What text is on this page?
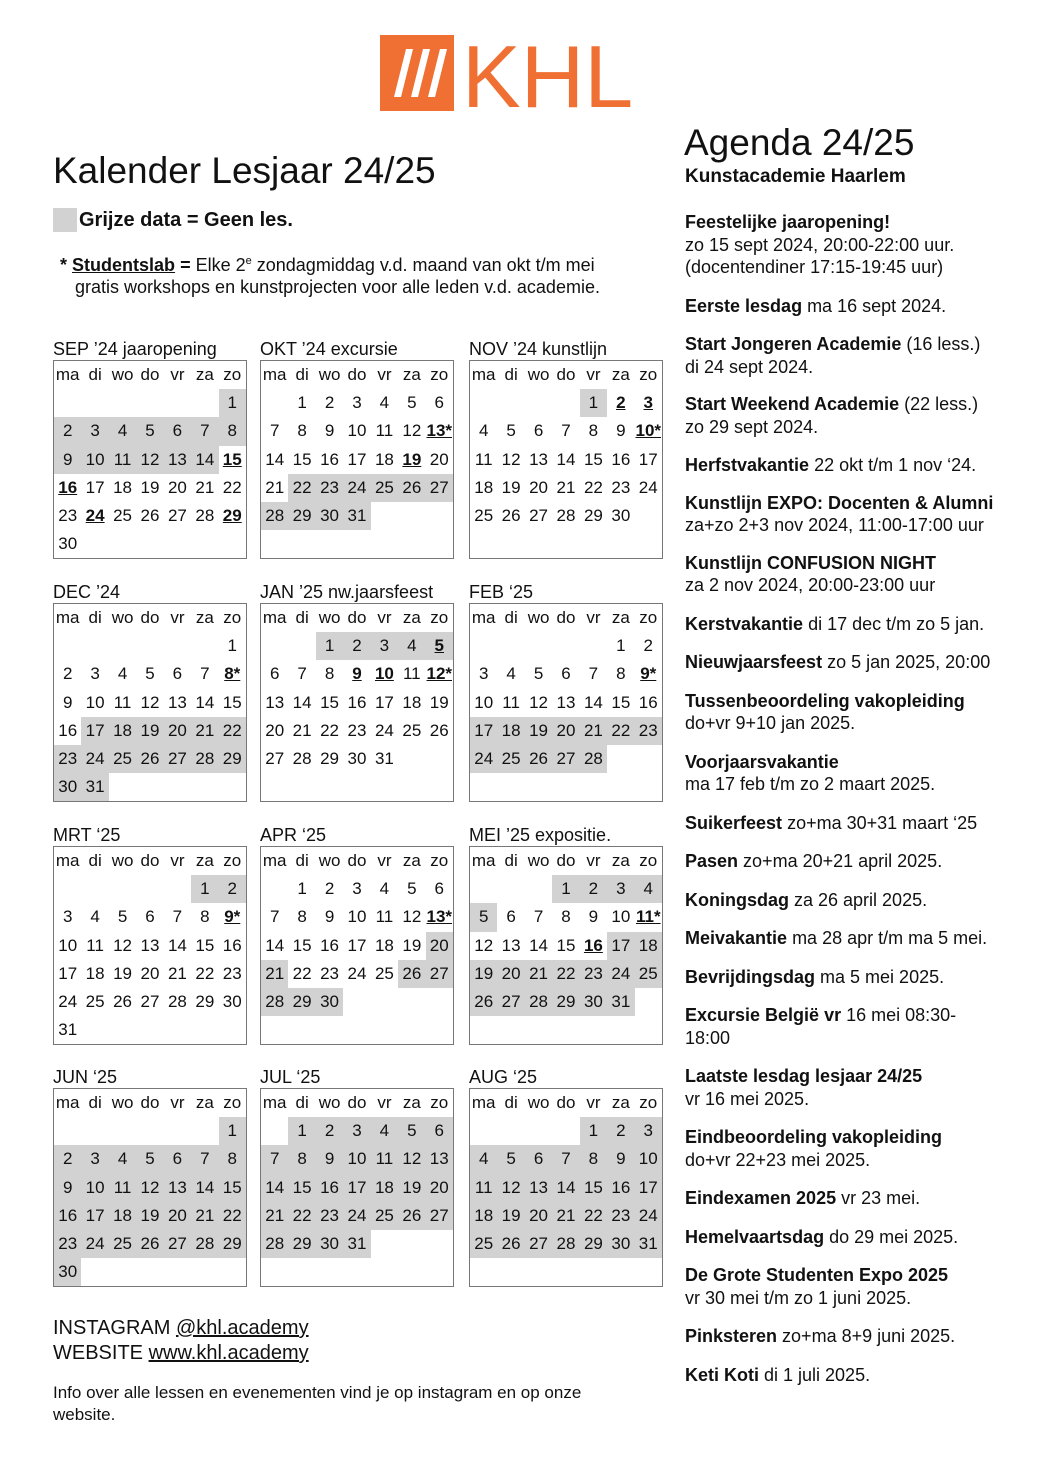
KHL
Kalender Lesjaar 24/25
Grijze data = Geen les.
* Studentslab = Elke 2e zondagmiddag v.d. maand van okt t/m mei
gratis workshops en kunstprojecten voor alle leden v.d. academie.
SEP ’24 jaaropening
ma	di	wo	do	vr	za	zo
						1
2	3	4	5	6	7	8
9	10	11	12	13	14	15
16	17	18	19	20	21	22
23	24	25	26	27	28	29
30						
OKT ’24 excursie
ma	di	wo	do	vr	za	zo
	1	2	3	4	5	6
7	8	9	10	11	12	13*
14	15	16	17	18	19	20
21	22	23	24	25	26	27
28	29	30	31			

NOV ’24 kunstlijn
ma	di	wo	do	vr	za	zo
				1	2	3
4	5	6	7	8	9	10*
11	12	13	14	15	16	17
18	19	20	21	22	23	24
25	26	27	28	29	30	

DEC ’24
ma	di	wo	do	vr	za	zo
						1
2	3	4	5	6	7	8*
9	10	11	12	13	14	15
16	17	18	19	20	21	22
23	24	25	26	27	28	29
30	31					
JAN ’25 nw.jaarsfeest
ma	di	wo	do	vr	za	zo
		1	2	3	4	5
6	7	8	9	10	11	12*
13	14	15	16	17	18	19
20	21	22	23	24	25	26
27	28	29	30	31		

FEB ‘25
ma	di	wo	do	vr	za	zo
					1	2
3	4	5	6	7	8	9*
10	11	12	13	14	15	16
17	18	19	20	21	22	23
24	25	26	27	28		

MRT ‘25
ma	di	wo	do	vr	za	zo
					1	2
3	4	5	6	7	8	9*
10	11	12	13	14	15	16
17	18	19	20	21	22	23
24	25	26	27	28	29	30
31						
APR ‘25
ma	di	wo	do	vr	za	zo
	1	2	3	4	5	6
7	8	9	10	11	12	13*
14	15	16	17	18	19	20
21	22	23	24	25	26	27
28	29	30				

MEI ’25 expositie.
ma	di	wo	do	vr	za	zo
			1	2	3	4
5	6	7	8	9	10	11*
12	13	14	15	16	17	18
19	20	21	22	23	24	25
26	27	28	29	30	31	

JUN ‘25
ma	di	wo	do	vr	za	zo
						1
2	3	4	5	6	7	8
9	10	11	12	13	14	15
16	17	18	19	20	21	22
23	24	25	26	27	28	29
30						
JUL ‘25
ma	di	wo	do	vr	za	zo
	1	2	3	4	5	6
7	8	9	10	11	12	13
14	15	16	17	18	19	20
21	22	23	24	25	26	27
28	29	30	31			

AUG ‘25
ma	di	wo	do	vr	za	zo
				1	2	3
4	5	6	7	8	9	10
11	12	13	14	15	16	17
18	19	20	21	22	23	24
25	26	27	28	29	30	31

Agenda 24/25
Kunstacademie Haarlem
Feestelijke jaaropening!
zo 15 sept 2024, 20:00-22:00 uur.
(docentendiner 17:15-19:45 uur)
Eerste lesdag ma 16 sept 2024.
Start Jongeren Academie (16 less.)
di 24 sept 2024.
Start Weekend Academie (22 less.)
zo 29 sept 2024.
Herfstvakantie 22 okt t/m 1 nov ‘24.
Kunstlijn EXPO: Docenten & Alumni
za+zo 2+3 nov 2024, 11:00-17:00 uur
Kunstlijn CONFUSION NIGHT
za 2 nov 2024, 20:00-23:00 uur
Kerstvakantie di 17 dec t/m zo 5 jan.
Nieuwjaarsfeest zo 5 jan 2025, 20:00
Tussenbeoordeling vakopleiding
do+vr 9+10 jan 2025.
Voorjaarsvakantie
ma 17 feb t/m zo 2 maart 2025.
Suikerfeest zo+ma 30+31 maart ‘25
Pasen zo+ma 20+21 april 2025.
Koningsdag za 26 april 2025.
Meivakantie ma 28 apr t/m ma 5 mei.
Bevrijdingsdag ma 5 mei 2025.
Excursie België vr 16 mei 08:30-
18:00
Laatste lesdag lesjaar 24/25
vr 16 mei 2025.
Eindbeoordeling vakopleiding
do+vr 22+23 mei 2025.
Eindexamen 2025 vr 23 mei.
Hemelvaartsdag do 29 mei 2025.
De Grote Studenten Expo 2025
vr 30 mei t/m zo 1 juni 2025.
Pinksteren zo+ma 8+9 juni 2025.
Keti Koti di 1 juli 2025.
INSTAGRAM @khl.academy
WEBSITE www.khl.academy
Info over alle lessen en evenementen vind je op instagram en op onze website.
